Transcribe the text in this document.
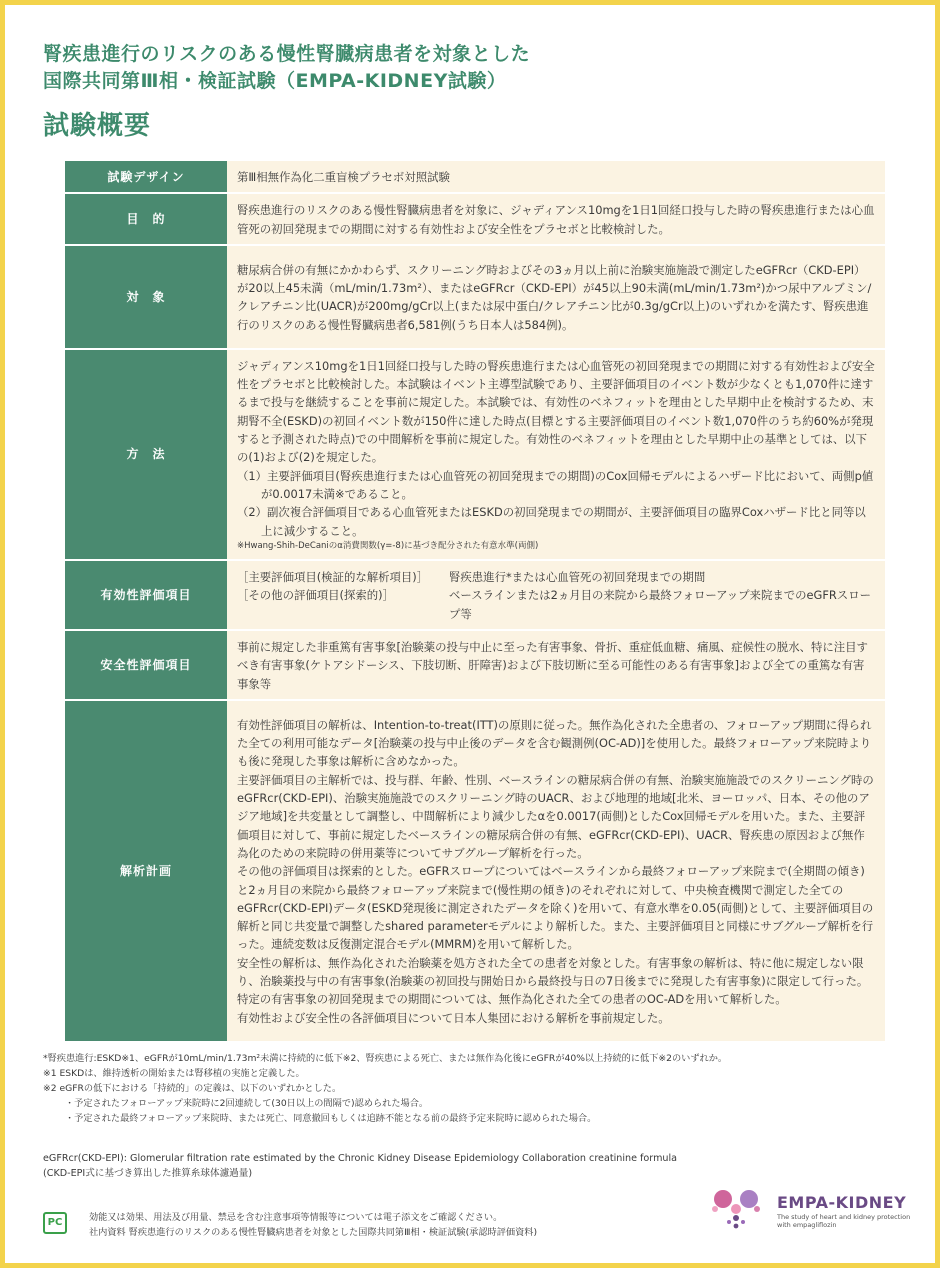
腎疾患進行のリスクのある慢性腎臓病患者を対象とした
国際共同第Ⅲ相・検証試験（EMPA-KIDNEY試験）
試験概要
試験デザイン	第Ⅲ相無作為化二重盲検プラセボ対照試験
目　的	腎疾患進行のリスクのある慢性腎臓病患者を対象に、ジャディアンス10mgを1日1回経口投与した時の腎疾患進行または心血管死の初回発現までの期間に対する有効性および安全性をプラセボと比較検討した。
対　象	糖尿病合併の有無にかかわらず、スクリーニング時およびその3ヵ月以上前に治験実施施設で測定したeGFRcr（CKD-EPI）が20以上45未満（mL/min/1.73m²）、またはeGFRcr（CKD-EPI）が45以上90未満(mL/min/1.73m²)かつ尿中アルブミン/クレアチニン比(UACR)が200mg/gCr以上(または尿中蛋白/クレアチニン比が0.3g/gCr以上)のいずれかを満たす、腎疾患進行のリスクのある慢性腎臓病患者6,581例(うち日本人は584例)。
方　法	ジャディアンス10mgを1日1回経口投与した時の腎疾患進行または心血管死の初回発現までの期間に対する有効性および安全性をプラセボと比較検討した。本試験はイベント主導型試験であり、主要評価項目のイベント数が少なくとも1,070件に達するまで投与を継続することを事前に規定した。本試験では、有効性のベネフィットを理由とした早期中止を検討するため、末期腎不全(ESKD)の初回イベント数が150件に達した時点(目標とする主要評価項目のイベント数1,070件のうち約60%が発現すると予測された時点)での中間解析を事前に規定した。有効性のベネフィットを理由とした早期中止の基準としては、以下の(1)および(2)を規定した。

（1）主要評価項目(腎疾患進行または心血管死の初回発現までの期間)のCox回帰モデルによるハザード比において、両側p値が0.0017未満※であること。

（2）副次複合評価項目である心血管死またはESKDの初回発現までの期間が、主要評価項目の臨界Coxハザード比と同等以上に減少すること。

※Hwang-Shih-DeCaniのα消費関数(γ=-8)に基づき配分された有意水準(両側)

有効性評価項目	［主要評価項目(検証的な解析項目)］ 腎疾患進行*または心血管死の初回発現までの期間
［その他の評価項目(探索的)］ ベースラインまたは2ヵ月目の来院から最終フォローアップ来院までのeGFRスロープ等

安全性評価項目	事前に規定した非重篤有害事象[治験薬の投与中止に至った有害事象、骨折、重症低血糖、痛風、症候性の脱水、特に注目すべき有害事象(ケトアシドーシス、下肢切断、肝障害)および下肢切断に至る可能性のある有害事象]および全ての重篤な有害事象等
解析計画	有効性評価項目の解析は、Intention-to-treat(ITT)の原則に従った。無作為化された全患者の、フォローアップ期間に得られた全ての利用可能なデータ[治験薬の投与中止後のデータを含む観測例(OC-AD)]を使用した。最終フォローアップ来院時よりも後に発現した事象は解析に含めなかった。

主要評価項目の主解析では、投与群、年齢、性別、ベースラインの糖尿病合併の有無、治験実施施設でのスクリーニング時のeGFRcr(CKD-EPI)、治験実施施設でのスクリーニング時のUACR、および地理的地域[北米、ヨーロッパ、日本、その他のアジア地域]を共変量として調整し、中間解析により減少したαを0.0017(両側)としたCox回帰モデルを用いた。また、主要評価項目に対して、事前に規定したベースラインの糖尿病合併の有無、eGFRcr(CKD-EPI)、UACR、腎疾患の原因および無作為化のための来院時の併用薬等についてサブグループ解析を行った。

その他の評価項目は探索的とした。eGFRスロープについてはベースラインから最終フォローアップ来院まで(全期間の傾き)と2ヵ月目の来院から最終フォローアップ来院まで(慢性期の傾き)のそれぞれに対して、中央検査機関で測定した全てのeGFRcr(CKD-EPI)データ(ESKD発現後に測定されたデータを除く)を用いて、有意水準を0.05(両側)として、主要評価項目の解析と同じ共変量で調整したshared parameterモデルにより解析した。また、主要評価項目と同様にサブグループ解析を行った。連続変数は反復測定混合モデル(MMRM)を用いて解析した。

安全性の解析は、無作為化された治験薬を処方された全ての患者を対象とした。有害事象の解析は、特に他に規定しない限り、治験薬投与中の有害事象(治験薬の初回投与開始日から最終投与日の7日後までに発現した有害事象)に限定して行った。特定の有害事象の初回発現までの期間については、無作為化された全ての患者のOC-ADを用いて解析した。

有効性および安全性の各評価項目について日本人集団における解析を事前規定した。

*腎疾患進行:ESKD※1、eGFRが10mL/min/1.73m²未満に持続的に低下※2、腎疾患による死亡、または無作為化後にeGFRが40%以上持続的に低下※2のいずれか。
※1 ESKDは、維持透析の開始または腎移植の実施と定義した。
※2 eGFRの低下における「持続的」の定義は、以下のいずれかとした。
・予定されたフォローアップ来院時に2回連続して(30日以上の間隔で)認められた場合。
・予定された最終フォローアップ来院時、または死亡、同意撤回もしくは追跡不能となる前の最終予定来院時に認められた場合。
eGFRcr(CKD-EPI): Glomerular filtration rate estimated by the Chronic Kidney Disease Epidemiology Collaboration creatinine formula
(CKD-EPI式に基づき算出した推算糸球体濾過量)
PC	効能又は効果、用法及び用量、禁忌を含む注意事項等情報等については電子添文をご確認ください。
社内資料 腎疾患進行のリスクのある慢性腎臓病患者を対象とした国際共同第Ⅲ相・検証試験(承認時評価資料)
EMPA-KIDNEY
The study of heart and kidney protection
with empagliflozin
